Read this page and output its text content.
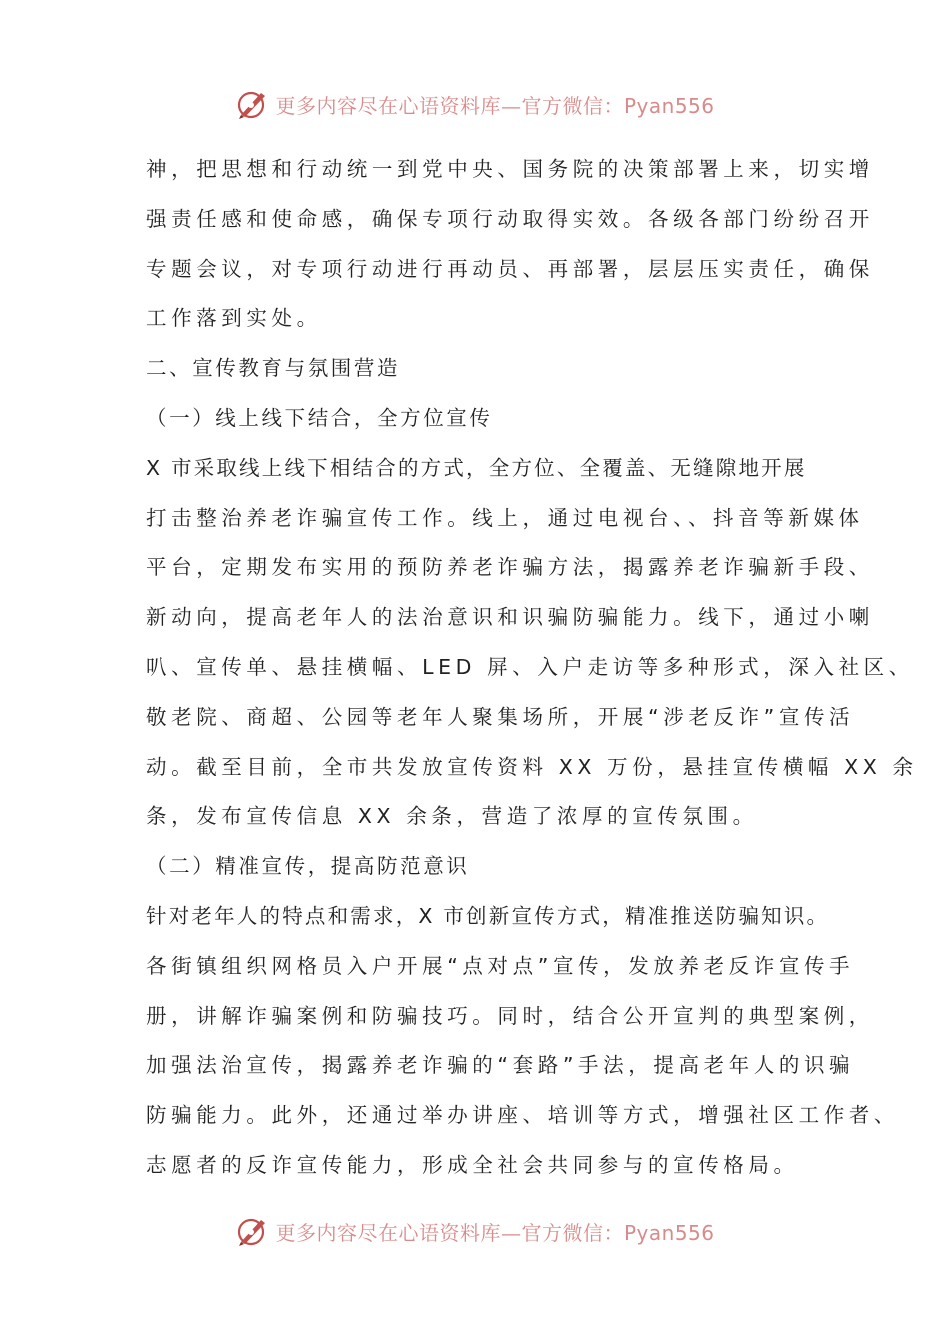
更多内容尽在心语资料库—官方微信：Pyan556
神，把思想和行动统一到党中央、国务院的决策部署上来，切实增
强责任感和使命感，确保专项行动取得实效。各级各部门纷纷召开
专题会议，对专项行动进行再动员、再部署，层层压实责任，确保
工作落到实处。
二、宣传教育与氛围营造
（一）线上线下结合，全方位宣传
X 市采取线上线下相结合的方式，全方位、全覆盖、无缝隙地开展
打击整治养老诈骗宣传工作。线上，通过电视台、、抖音等新媒体
平台，定期发布实用的预防养老诈骗方法，揭露养老诈骗新手段、
新动向，提高老年人的法治意识和识骗防骗能力。线下，通过小喇
叭、宣传单、悬挂横幅、LED 屏、入户走访等多种形式，深入社区、
敬老院、商超、公园等老年人聚集场所，开展“涉老反诈”宣传活
动。截至目前，全市共发放宣传资料 XX 万份，悬挂宣传横幅 XX 余
条，发布宣传信息 XX 余条，营造了浓厚的宣传氛围。
（二）精准宣传，提高防范意识
针对老年人的特点和需求，X 市创新宣传方式，精准推送防骗知识。
各街镇组织网格员入户开展“点对点”宣传，发放养老反诈宣传手
册，讲解诈骗案例和防骗技巧。同时，结合公开宣判的典型案例，
加强法治宣传，揭露养老诈骗的“套路”手法，提高老年人的识骗
防骗能力。此外，还通过举办讲座、培训等方式，增强社区工作者、
志愿者的反诈宣传能力，形成全社会共同参与的宣传格局。
更多内容尽在心语资料库—官方微信：Pyan556
